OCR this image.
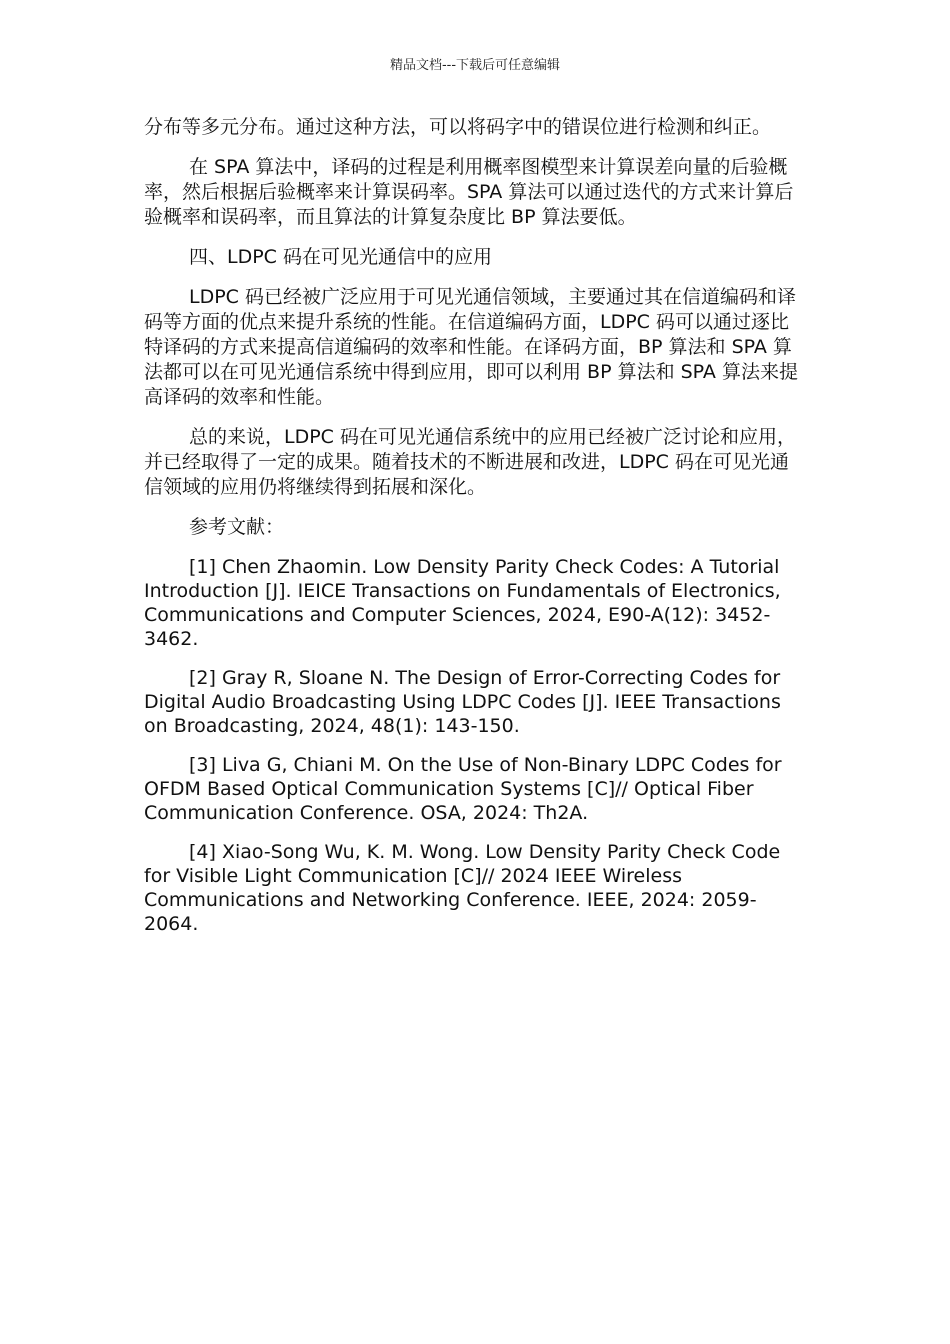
精品文档---下载后可任意编辑

分布等多元分布。通过这种方法，可以将码字中的错误位进行检测和纠正。

在 SPA 算法中，译码的过程是利用概率图模型来计算误差向量的后验概率，然后根据后验概率来计算误码率。SPA 算法可以通过迭代的方式来计算后验概率和误码率，而且算法的计算复杂度比 BP 算法要低。

四、LDPC 码在可见光通信中的应用

LDPC 码已经被广泛应用于可见光通信领域，主要通过其在信道编码和译码等方面的优点来提升系统的性能。在信道编码方面，LDPC 码可以通过逐比特译码的方式来提高信道编码的效率和性能。在译码方面，BP 算法和 SPA 算法都可以在可见光通信系统中得到应用，即可以利用 BP 算法和 SPA 算法来提高译码的效率和性能。

总的来说，LDPC 码在可见光通信系统中的应用已经被广泛讨论和应用，并已经取得了一定的成果。随着技术的不断进展和改进，LDPC 码在可见光通信领域的应用仍将继续得到拓展和深化。

参考文献：

[1] Chen Zhaomin. Low Density Parity Check Codes: A Tutorial Introduction [J]. IEICE Transactions on Fundamentals of Electronics, Communications and Computer Sciences, 2024, E90-A(12): 3452-3462.

[2] Gray R, Sloane N. The Design of Error-Correcting Codes for Digital Audio Broadcasting Using LDPC Codes [J]. IEEE Transactions on Broadcasting, 2024, 48(1): 143-150.

[3] Liva G, Chiani M. On the Use of Non-Binary LDPC Codes for OFDM Based Optical Communication Systems [C]// Optical Fiber Communication Conference. OSA, 2024: Th2A.

[4] Xiao-Song Wu, K. M. Wong. Low Density Parity Check Code for Visible Light Communication [C]// 2024 IEEE Wireless Communications and Networking Conference. IEEE, 2024: 2059-2064.
